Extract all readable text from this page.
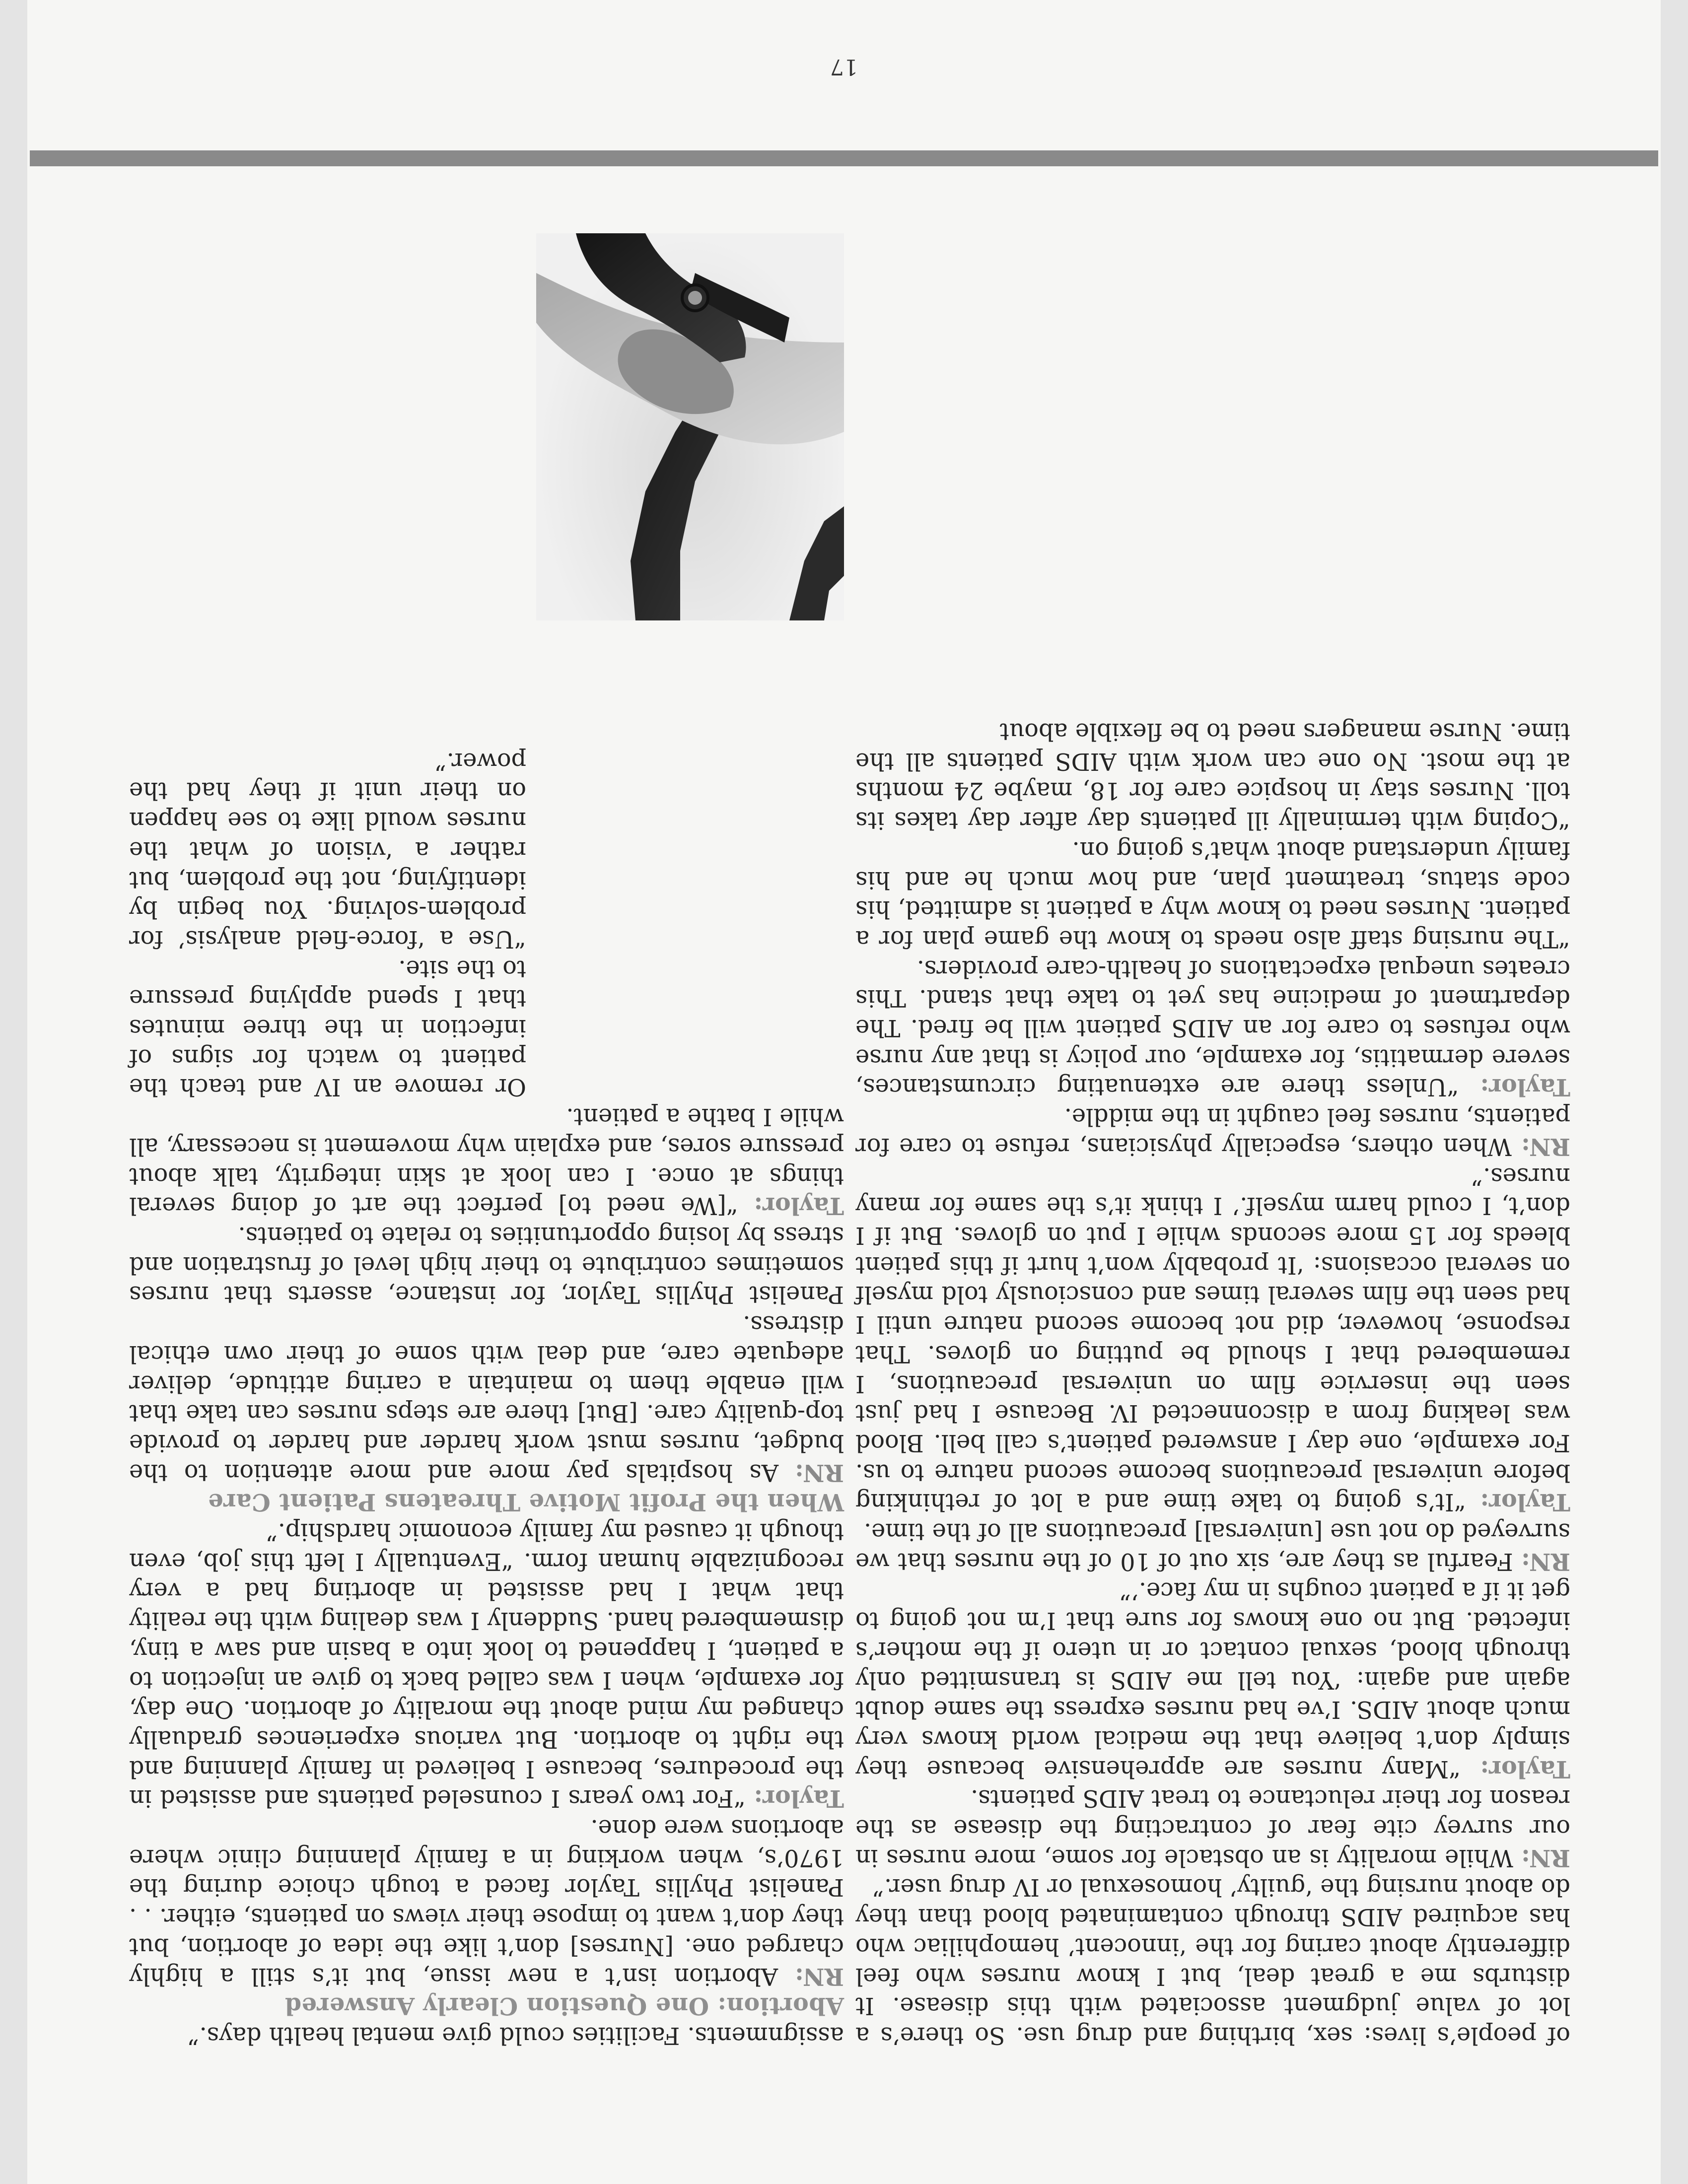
of people’s lives: sex, birthing and drug use. So there’s a lot of value judgment associated with this disease. It disturbs me a great deal, but I know nurses who feel differently about caring for the ‘innocent’ hemophiliac who has acquired AIDS through contaminated blood than they do about nursing the ‘guilty’ homosexual or IV drug user.”

RN: While morality is an obstacle for some, more nurses in our survey cite fear of contracting the disease as the reason for their reluctance to treat AIDS patients.

Taylor: “Many nurses are apprehensive because they simply don’t believe that the medical world knows very much about AIDS. I’ve had nurses express the same doubt again and again: ‘You tell me AIDS is transmitted only through blood, sexual contact or in utero if the mother’s infected. But no one knows for sure that I’m not going to get it if a patient coughs in my face.’”

RN: Fearful as they are, six out of 10 of the nurses that we surveyed do not use [universal] precautions all of the time.

Taylor: “It’s going to take time and a lot of rethinking before universal precautions become second nature to us. For example, one day I answered patient’s call bell. Blood was leaking from a disconnected IV. Because I had just seen the inservice film on universal precautions, I remembered that I should be putting on gloves. That response, however, did not become second nature until I had seen the film several times and consciously told myself on several occasions: ‘It probably won’t hurt if this patient bleeds for 15 more seconds while I put on gloves. But if I don’t, I could harm myself.’ I think it’s the same for many nurses.”

RN: When others, especially physicians, refuse to care for patients, nurses feel caught in the middle.

Taylor: “Unless there are extenuating circumstances, severe dermatitis, for example, our policy is that any nurse who refuses to care for an AIDS patient will be fired. The department of medicine has yet to take that stand. This creates unequal expectations of health-care providers.

“The nursing staff also needs to know the game plan for a patient. Nurses need to know why a patient is admitted, his code status, treatment plan, and how much he and his family understand about what’s going on.

“Coping with terminally ill patients day after day takes its toll. Nurses stay in hospice care for 18, maybe 24 months at the most. No one can work with AIDS patients all the time. Nurse managers need to be flexible about

assignments. Facilities could give mental health days.”

Abortion: One Question Clearly Answered

RN: Abortion isn’t a new issue, but it’s still a highly charged one. [Nurses] don’t like the idea of abortion, but they don’t want to impose their views on patients, either. . . Panelist Phyllis Taylor faced a tough choice during the 1970’s, when working in a family planning clinic where abortions were done.

Taylor: “For two years I counseled patients and assisted in the procedures, because I believed in family planning and the right to abortion. But various experiences gradually changed my mind about the morality of abortion. One day, for example, when I was called back to give an injection to a patient, I happened to look into a basin and saw a tiny, dismembered hand. Suddenly I was dealing with the reality that what I had assisted in aborting had a very recognizable human form. “Eventually I left this job, even though it caused my family economic hardship.”

When the Profit Motive Threatens Patient Care

RN: As hospitals pay more and more attention to the budget, nurses must work harder and harder to provide top-quality care. [But] there are steps nurses can take that will enable them to maintain a caring attitude, deliver adequate care, and deal with some of their own ethical distress.

Panelist Phyllis Taylor, for instance, asserts that nurses sometimes contribute to their high level of frustration and stress by losing opportunities to relate to patients.

Taylor: “[We need to] perfect the art of doing several things at once. I can look at skin integrity, talk about pressure sores, and explain why movement is necessary, all while I bathe a patient.

Or remove an IV and teach the patient to watch for signs of infection in the three minutes that I spend applying pressure to the site.

“Use a ‘force-field analysis’ for problem-solving. You begin by identifying, not the problem, but rather a ‘vision of what the nurses would like to see happen on their unit if they had the power.”

17
